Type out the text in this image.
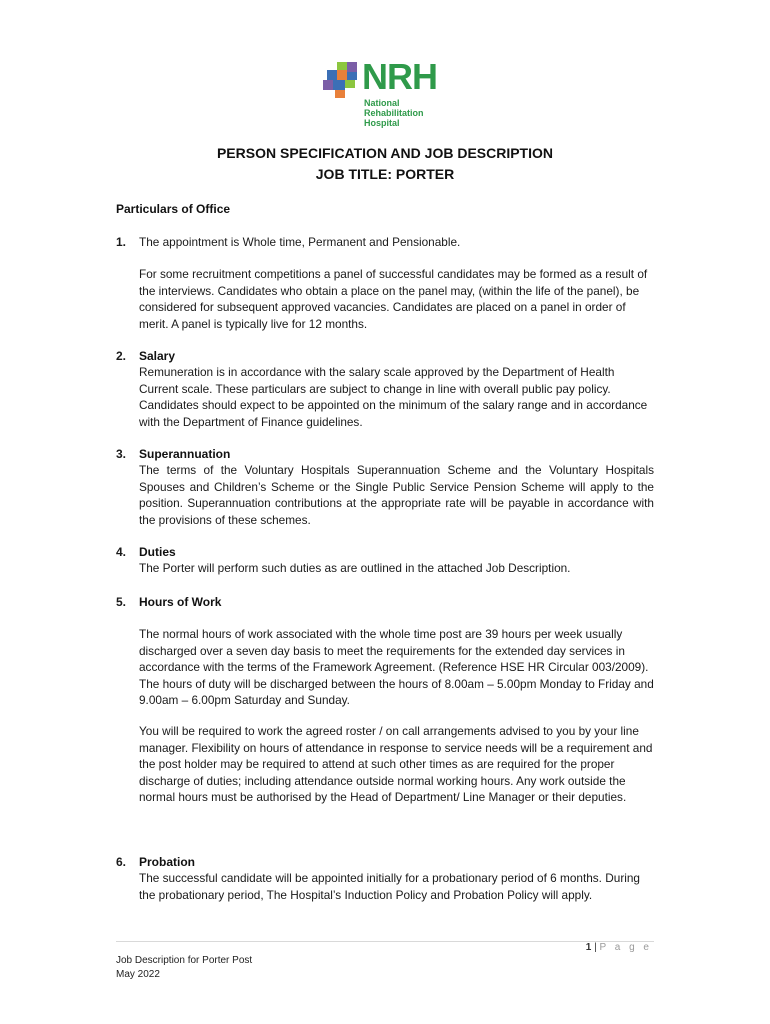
NRH
National
Rehabilitation
Hospital
PERSON SPECIFICATION AND JOB DESCRIPTION
JOB TITLE: PORTER
Particulars of Office
1.	The appointment is Whole time, Permanent and Pensionable.
For some recruitment competitions a panel of successful candidates may be formed as a result of the interviews. Candidates who obtain a place on the panel may, (within the life of the panel), be considered for subsequent approved vacancies. Candidates are placed on a panel in order of merit. A panel is typically live for 12 months.
2.	Salary
Remuneration is in accordance with the salary scale approved by the Department of Health Current scale. These particulars are subject to change in line with overall public pay policy. Candidates should expect to be appointed on the minimum of the salary range and in accordance with the Department of Finance guidelines.
3.	Superannuation
The terms of the Voluntary Hospitals Superannuation Scheme and the Voluntary Hospitals Spouses and Children’s Scheme or the Single Public Service Pension Scheme will apply to the position. Superannuation contributions at the appropriate rate will be payable in accordance with the provisions of these schemes.
4.	Duties
The Porter will perform such duties as are outlined in the attached Job Description.
5.	Hours of Work
The normal hours of work associated with the whole time post are 39 hours per week usually discharged over a seven day basis to meet the requirements for the extended day services in accordance with the terms of the Framework Agreement. (Reference HSE HR Circular 003/2009). The hours of duty will be discharged between the hours of 8.00am – 5.00pm Monday to Friday and 9.00am – 6.00pm Saturday and Sunday.
You will be required to work the agreed roster / on call arrangements advised to you by your line manager. Flexibility on hours of attendance in response to service needs will be a requirement and the post holder may be required to attend at such other times as are required for the proper discharge of duties; including attendance outside normal working hours. Any work outside the normal hours must be authorised by the Head of Department/ Line Manager or their deputies.
6.	Probation
The successful candidate will be appointed initially for a probationary period of 6 months. During the probationary period, The Hospital’s Induction Policy and Probation Policy will apply.
1 | P a g e
Job Description for Porter Post
May 2022
